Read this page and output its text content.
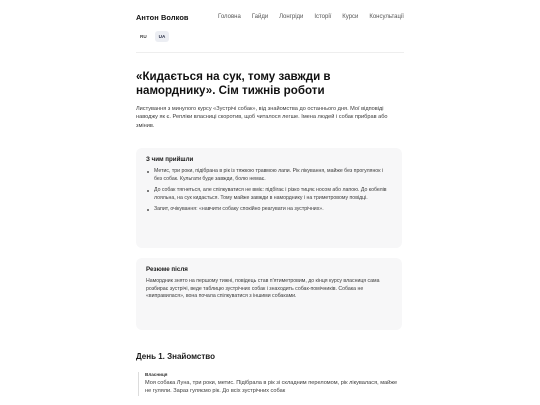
Антон Волков	Головна Гайди Лонгріди Історії Курси Консультації
RU	UA
«Кидається на сук, тому завжди в наморднику». Сім тижнів роботи

Листування з минулого курсу «Зустрічі собак», від знайомства до останнього дня. Мої відповіді наводжу як є. Репліки власниці скоротив, щоб читалося легше. Імена людей і собак прибрав або змінив.

З чим прийшли
Метис, три роки, підібрана в рік із тяжкою травмою лапи. Рік лікування, майже без прогулянок і без собак. Кульгати буде завжди, болю немає.
До собак тягнеться, але спілкуватися не вміє: підбігає і різко тицяє носом або лапою. До кобелів лояльна, на сук кидається. Тому майже завжди в наморднику і на триметровому повідці.
Запит, очікування: «навчити собаку спокійно реагувати на зустрічних».
Резюме після

Намордник знято на першому тижні, повідець став п'ятиметровим, до кінця курсу власниця сама розбирає зустрічі, веде таблицю зустрічних собак і знаходить собак-помічників. Собака не «виправилася», вона почала спілкуватися з іншими собаками.

День 1. Знайомство
Власниця
Моя собака Луна, три роки, метис. Підібрала в рік зі складним переломом, рік лікувалася, майже не гуляли. Зараз гуляємо рік. До всіх зустрічних собак
